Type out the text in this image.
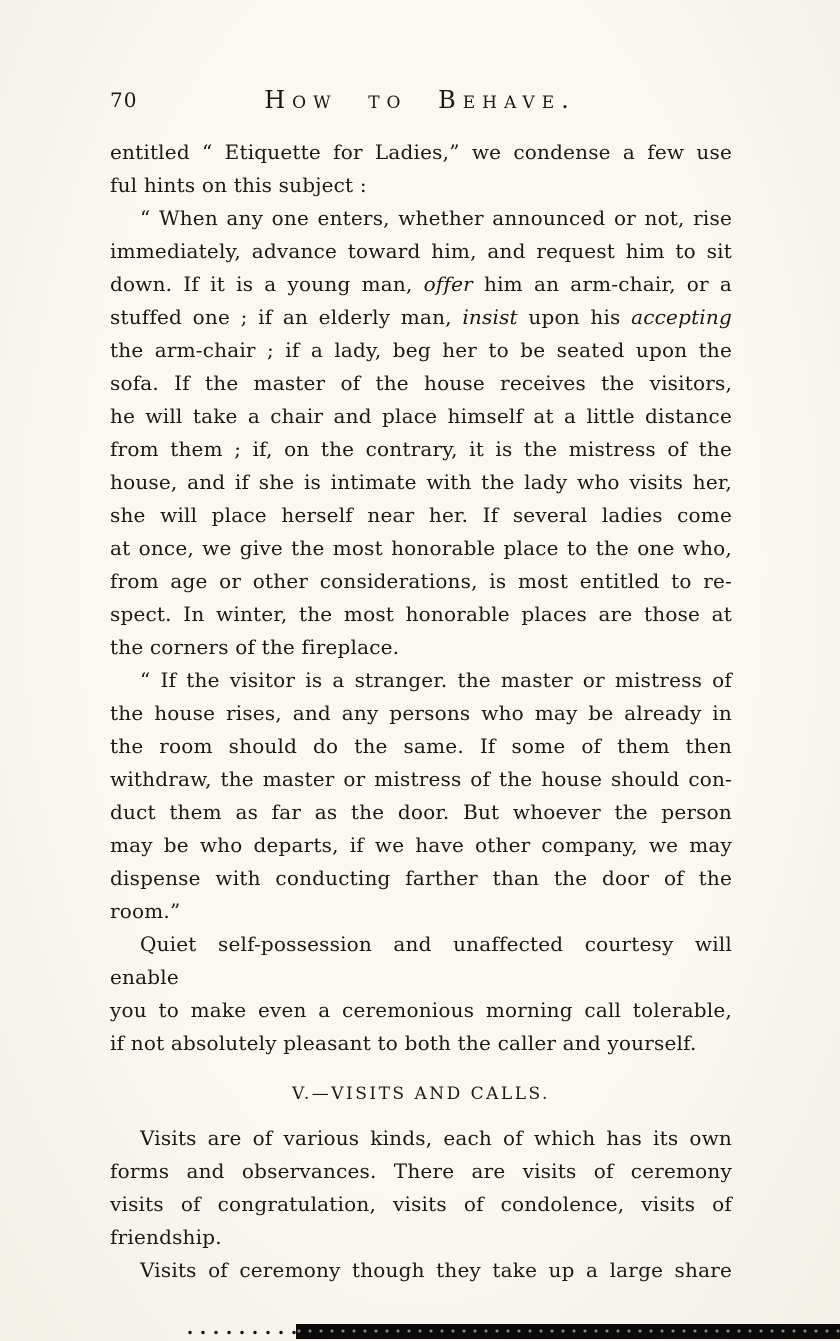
70	How to Behave.
entitled “ Etiquette for Ladies,” we condense a few use
ful hints on this subject :
“ When any one enters, whether announced or not, rise
immediately, advance toward him, and request him to sit
down. If it is a young man, offer him an arm-chair, or a
stuffed one ; if an elderly man, insist upon his accepting
the arm-chair ; if a lady, beg her to be seated upon the
sofa. If the master of the house receives the visitors,
he will take a chair and place himself at a little distance
from them ; if, on the contrary, it is the mistress of the
house, and if she is intimate with the lady who visits her,
she will place herself near her. If several ladies come
at once, we give the most honorable place to the one who,
from age or other considerations, is most entitled to re-
spect. In winter, the most honorable places are those at
the corners of the fireplace.
“ If the visitor is a stranger. the master or mistress of
the house rises, and any persons who may be already in
the room should do the same. If some of them then
withdraw, the master or mistress of the house should con-
duct them as far as the door. But whoever the person
may be who departs, if we have other company, we may
dispense with conducting farther than the door of the
room.”
Quiet self-possession and unaffected courtesy will enable
you to make even a ceremonious morning call tolerable,
if not absolutely pleasant to both the caller and yourself.
V.—VISITS AND CALLS.
Visits are of various kinds, each of which has its own
forms and observances. There are visits of ceremony
visits of congratulation, visits of condolence, visits of
friendship.
Visits of ceremony though they take up a large share
